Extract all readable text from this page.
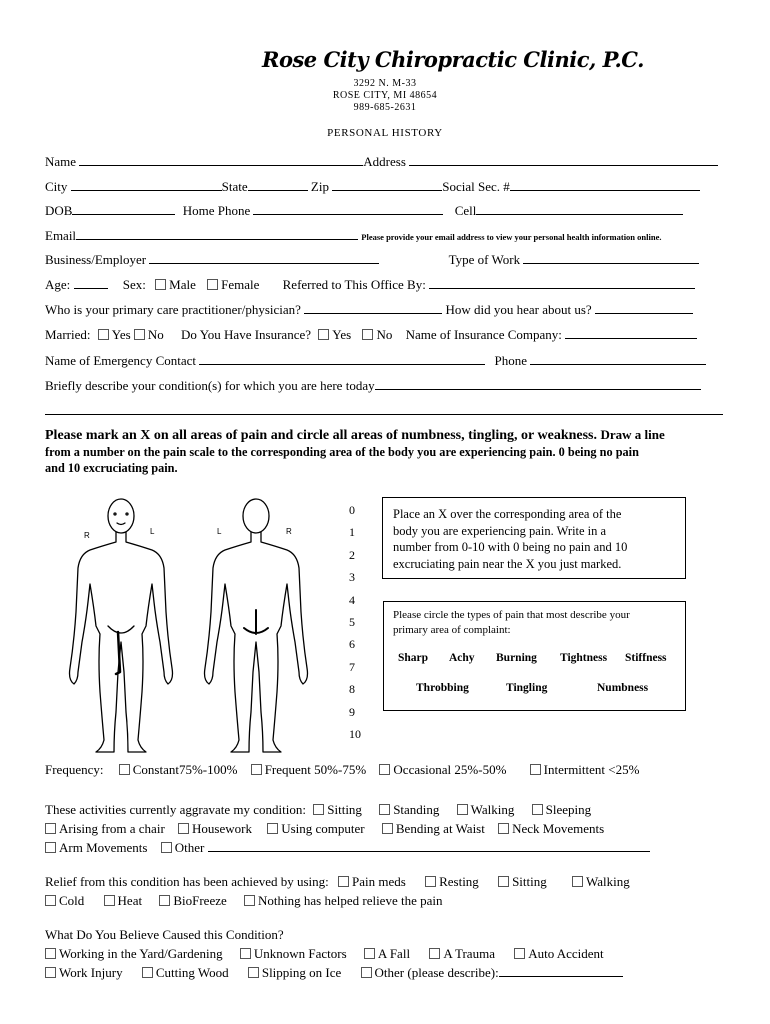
Rose City Chiropractic Clinic, P.C.
3292 N. M-33
ROSE CITY, MI 48654
989-685-2631
PERSONAL HISTORY
Name	Address
City	State	Zip	Social Sec. #
DOB	Home Phone	Cell
Email	Please provide your email address to view your personal health information online.
Business/Employer	Type of Work
Age:	Sex: Male Female Referred to This Office By:
Who is your primary care practitioner/physician?	How did you hear about us?
Married: Yes No Do You Have Insurance? Yes No Name of Insurance Company:
Name of Emergency Contact	Phone
Briefly describe your condition(s) for which you are here today
Please mark an X on all areas of pain and circle all areas of numbness, tingling, or weakness. Draw a line
from a number on the pain scale to the corresponding area of the body you are experiencing pain. 0 being no pain
and 10 excruciating pain.
R	L	L	R
0
1
2
3
4
5
6
7
8
9
10
Place an X over the corresponding area of the
body you are experiencing pain. Write in a
number from 0-10 with 0 being no pain and 10
excruciating pain near the X you just marked.
Please circle the types of pain that most describe your
primary area of complaint:
Sharp Achy Burning Tightness Stiffness
Throbbing	Tingling	Numbness
Frequency: Constant75%-100% Frequent 50%-75% Occasional 25%-50%	Intermittent <25%
These activities currently aggravate my condition: Sitting Standing Walking Sleeping
Arising from a chair Housework Using computer Bending at Waist Neck Movements
Arm Movements Other
Relief from this condition has been achieved by using: Pain meds	Resting	Sitting	Walking
Cold	Heat BioFreeze Nothing has helped relieve the pain
What Do You Believe Caused this Condition?
Working in the Yard/Gardening Unknown Factors A Fall	A Trauma	Auto Accident
Work Injury	Cutting Wood	Slipping on Ice	Other (please describe):
